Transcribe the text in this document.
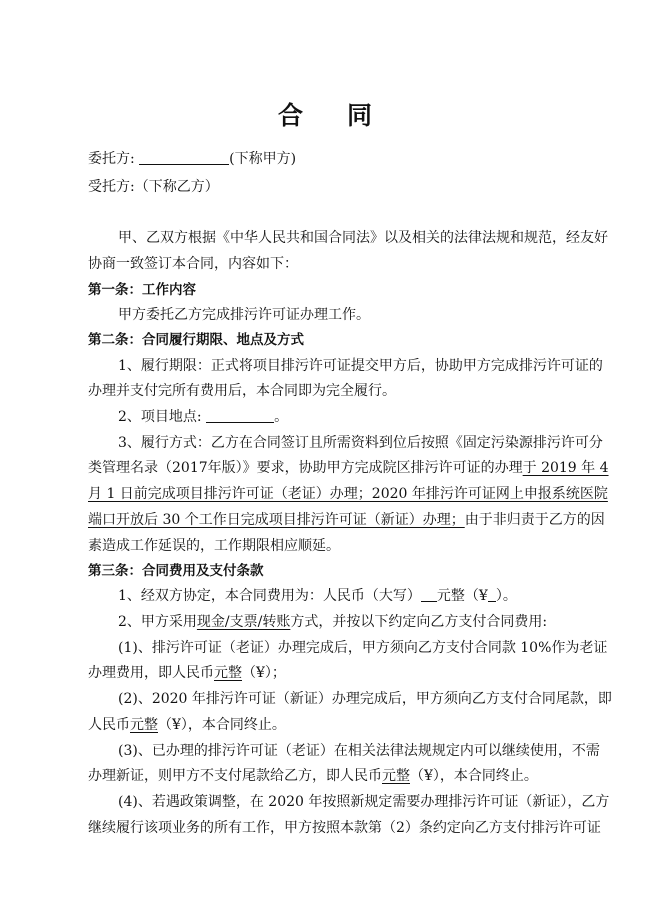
合 同
委托方:	(下称甲方)
受托方:（下称乙方）
甲、乙双方根据《中华人民共和国合同法》以及相关的法律法规和规范，经友好
协商一致签订本合同，内容如下：
第一条：工作内容
甲方委托乙方完成排污许可证办理工作。
第二条：合同履行期限、地点及方式
1、履行期限：正式将项目排污许可证提交甲方后，协助甲方完成排污许可证的
办理并支付完所有费用后，本合同即为完全履行。
2、项目地点:	。
3、履行方式：乙方在合同签订且所需资料到位后按照《固定污染源排污许可分
类管理名录（2017年版）》要求，协助甲方完成院区排污许可证的办理于 2019 年 4
月 1 日前完成项目排污许可证（老证）办理；2020 年排污许可证网上申报系统医院
端口开放后 30 个工作日完成项目排污许可证（新证）办理；由于非归责于乙方的因
素造成工作延误的，工作期限相应顺延。
第三条：合同费用及支付条款
1、经双方协定，本合同费用为：人民币（大写） 元整（¥ ）。
2、甲方采用现金/支票/转账方式，并按以下约定向乙方支付合同费用:
(1)、排污许可证（老证）办理完成后，甲方须向乙方支付合同款 10%作为老证
办理费用，即人民币元整（¥）；
(2)、2020 年排污许可证（新证）办理完成后，甲方须向乙方支付合同尾款，即
人民币元整（¥），本合同终止。
(3)、已办理的排污许可证（老证）在相关法律法规规定内可以继续使用，不需
办理新证，则甲方不支付尾款给乙方，即人民币元整（¥），本合同终止。
(4)、若遇政策调整，在 2020 年按照新规定需要办理排污许可证（新证），乙方
继续履行该项业务的所有工作，甲方按照本款第（2）条约定向乙方支付排污许可证
